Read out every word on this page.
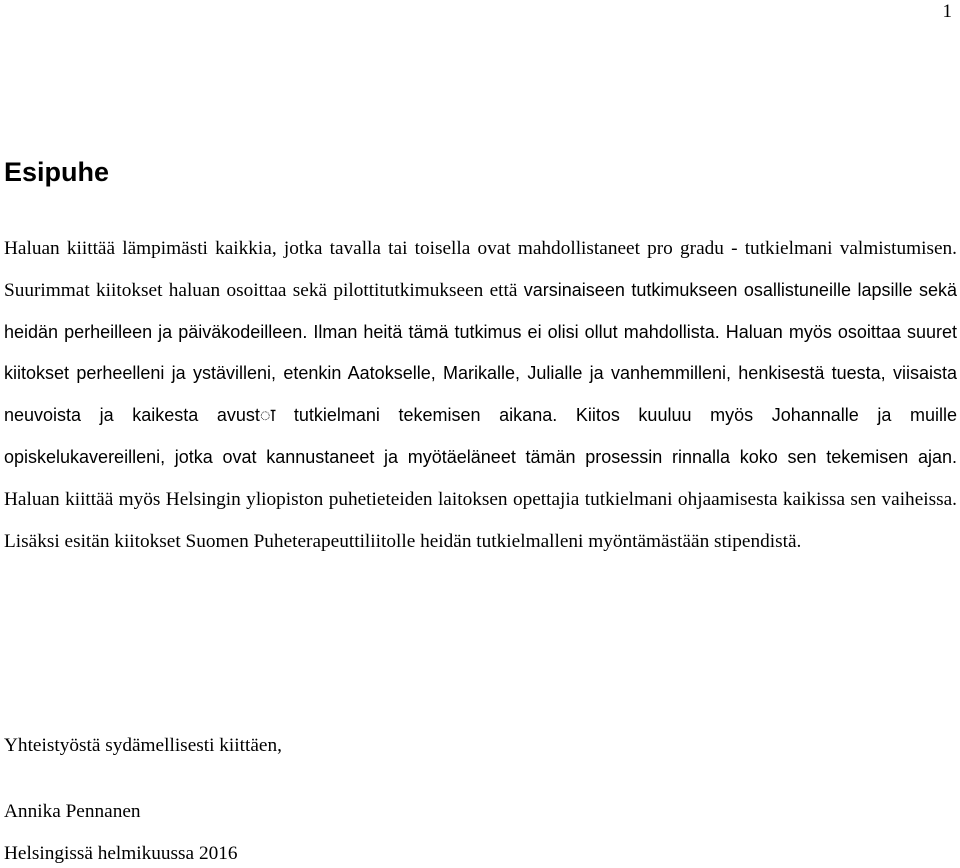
1
Esipuhe

Haluan kiittää lämpimästi kaikkia, jotka tavalla tai toisella ovat mahdollistaneet pro gradu - tutkielmani valmistumisen. Suurimmat kiitokset haluan osoittaa sekä pilottitutkimukseen että varsinaiseen tutkimukseen osallistuneille lapsille sekä heidän perheilleen ja päiväkodeilleen. Ilman heitä tämä tutkimus ei olisi ollut mahdollista. Haluan myös osoittaa suuret kiitokset perheelleni ja ystävilleni, etenkin Aatokselle, Marikalle, Julialle ja vanhemmilleni, henkisestä tuesta, viisaista neuvoista ja kaikesta avustा tutkielmani tekemisen aikana. Kiitos kuuluu myös Johannalle ja muille opiskelukavereilleni, jotka ovat kannustaneet ja myötäeläneet tämän prosessin rinnalla koko sen tekemisen ajan. Haluan kiittää myös Helsingin yliopiston puhetieteiden laitoksen opettajia tutkielmani ohjaamisesta kaikissa sen vaiheissa. Lisäksi esitän kiitokset Suomen Puheterapeuttiliitolle heidän tutkielmalleni myöntämästään stipendistä.

Yhteistyöstä sydämellisesti kiittäen,

Annika Pennanen

Helsingissä helmikuussa 2016
